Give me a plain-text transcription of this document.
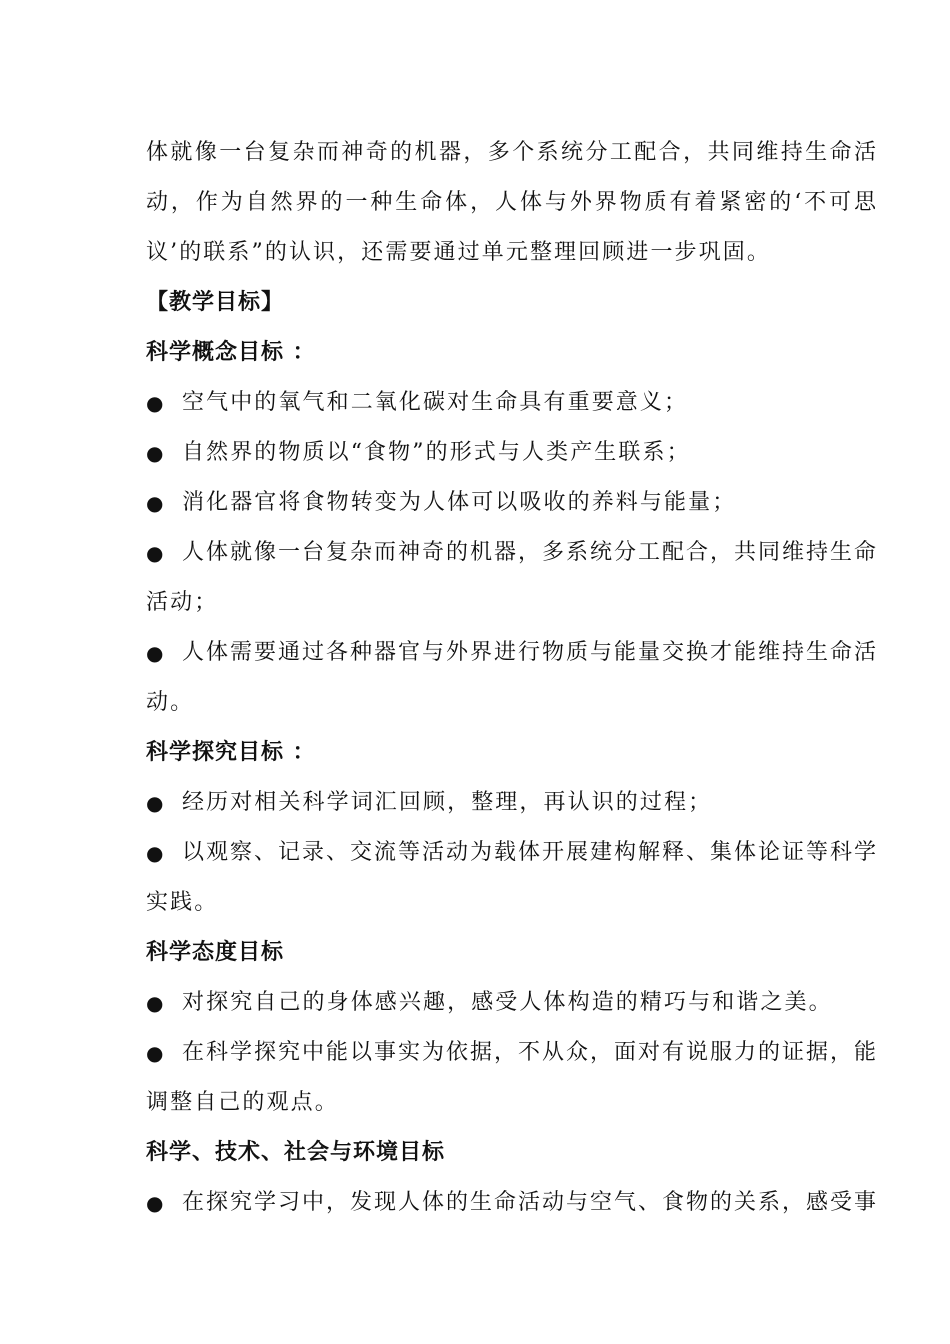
体就像一台复杂而神奇的机器，多个系统分工配合，共同维持生命活
动，作为自然界的一种生命体，人体与外界物质有着紧密的‘不可思
议’的联系”的认识，还需要通过单元整理回顾进一步巩固。
【教学目标】
科学概念目标 ：
● 空气中的氧气和二氧化碳对生命具有重要意义；
● 自然界的物质以“食物”的形式与人类产生联系；
● 消化器官将食物转变为人体可以吸收的养料与能量；
● 人体就像一台复杂而神奇的机器，多系统分工配合，共同维持生命
活动；
● 人体需要通过各种器官与外界进行物质与能量交换才能维持生命活
动。
科学探究目标 ：
● 经历对相关科学词汇回顾，整理，再认识的过程；
● 以观察、记录、交流等活动为载体开展建构解释、集体论证等科学
实践。
科学态度目标
● 对探究自己的身体感兴趣，感受人体构造的精巧与和谐之美。
● 在科学探究中能以事实为依据，不从众，面对有说服力的证据，能
调整自己的观点。
科学、技术、社会与环境目标
● 在探究学习中，发现人体的生命活动与空气、食物的关系，感受事
